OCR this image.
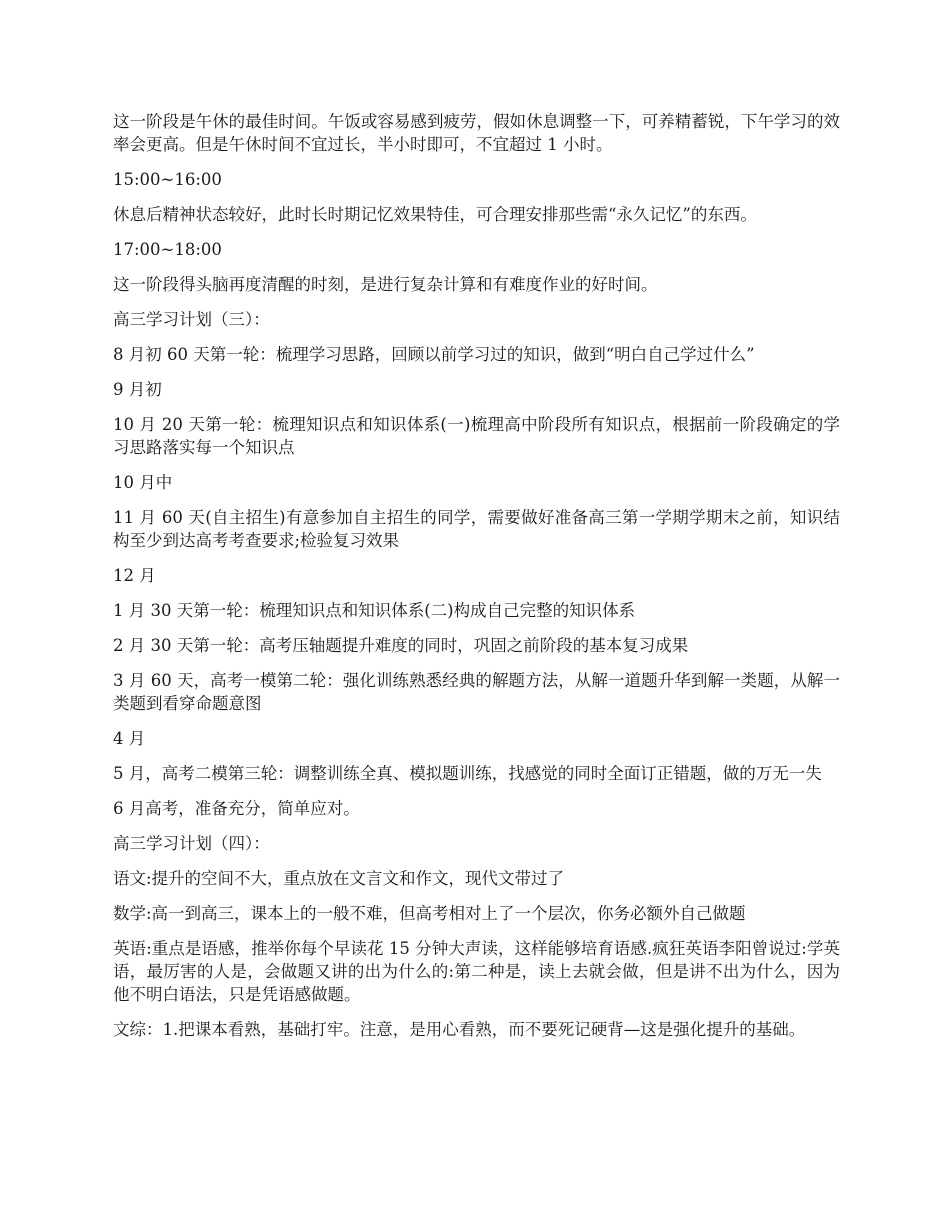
这一阶段是午休的最佳时间。午饭或容易感到疲劳，假如休息调整一下，可养精蓄锐，下午学习的效率会更高。但是午休时间不宜过长，半小时即可，不宜超过 1 小时。

15:00~16:00

休息后精神状态较好，此时长时期记忆效果特佳，可合理安排那些需“永久记忆”的东西。

17:00~18:00

这一阶段得头脑再度清醒的时刻，是进行复杂计算和有难度作业的好时间。

高三学习计划（三）：

8 月初 60 天第一轮：梳理学习思路，回顾以前学习过的知识，做到“明白自己学过什么”

9 月初

10 月 20 天第一轮：梳理知识点和知识体系(一)梳理高中阶段所有知识点，根据前一阶段确定的学习思路落实每一个知识点

10 月中

11 月 60 天(自主招生)有意参加自主招生的同学，需要做好准备高三第一学期学期末之前，知识结构至少到达高考考查要求;检验复习效果

12 月

1 月 30 天第一轮：梳理知识点和知识体系(二)构成自己完整的知识体系

2 月 30 天第一轮：高考压轴题提升难度的同时，巩固之前阶段的基本复习成果

3 月 60 天，高考一模第二轮：强化训练熟悉经典的解题方法，从解一道题升华到解一类题，从解一类题到看穿命题意图

4 月

5 月，高考二模第三轮：调整训练全真、模拟题训练，找感觉的同时全面订正错题，做的万无一失

6 月高考，准备充分，简单应对。

高三学习计划（四）：

语文:提升的空间不大，重点放在文言文和作文，现代文带过了

数学:高一到高三，课本上的一般不难，但高考相对上了一个层次，你务必额外自己做题

英语:重点是语感，推举你每个早读花 15 分钟大声读，这样能够培育语感.疯狂英语李阳曾说过:学英语，最厉害的人是，会做题又讲的出为什么的:第二种是，读上去就会做，但是讲不出为什么，因为他不明白语法，只是凭语感做题。

文综：1.把课本看熟，基础打牢。注意，是用心看熟，而不要死记硬背—这是强化提升的基础。
